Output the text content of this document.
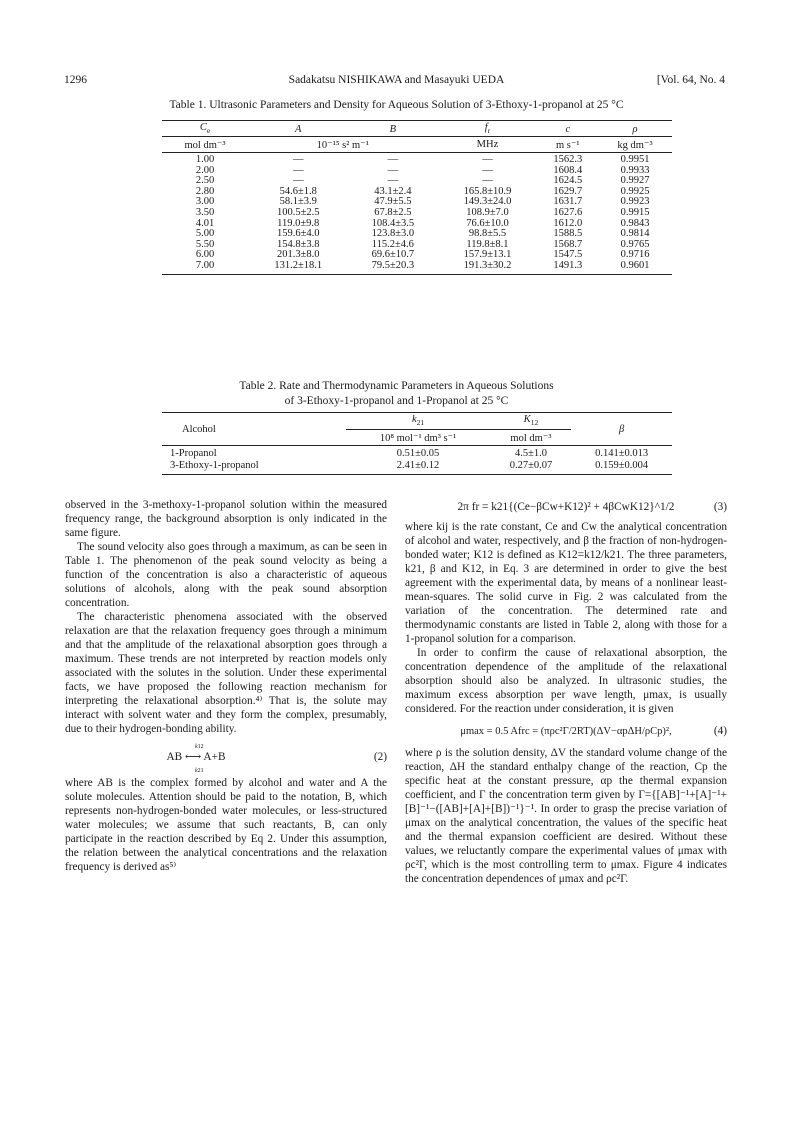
1296	Sadakatsu NISHIKAWA and Masayuki UEDA	[Vol. 64, No. 4
Table 1. Ultrasonic Parameters and Density for Aqueous Solution of 3-Ethoxy-1-propanol at 25 °C
$C_e$	A	B	$f_r$	c	ρ
mol dm⁻³	10⁻¹⁵ s² m⁻¹		MHz	m s⁻¹	kg dm⁻³
1.00	—	—	—	1562.3	0.9951
2.00	—	—	—	1608.4	0.9933
2.50	—	—	—	1624.5	0.9927
2.80	54.6±1.8	43.1±2.4	165.8±10.9	1629.7	0.9925
3.00	58.1±3.9	47.9±5.5	149.3±24.0	1631.7	0.9923
3.50	100.5±2.5	67.8±2.5	108.9±7.0	1627.6	0.9915
4.01	119.0±9.8	108.4±3.5	76.6±10.0	1612.0	0.9843
5.00	159.6±4.0	123.8±3.0	98.8±5.5	1588.5	0.9814
5.50	154.8±3.8	115.2±4.6	119.8±8.1	1568.7	0.9765
6.00	201.3±8.0	69.6±10.7	157.9±13.1	1547.5	0.9716
7.00	131.2±18.1	79.5±20.3	191.3±30.2	1491.3	0.9601
Table 2. Rate and Thermodynamic Parameters in Aqueous Solutions
of 3-Ethoxy-1-propanol and 1-Propanol at 25 °C
Alcohol	$k_{21}$	$K_{12}$	β
	10⁸ mol⁻¹ dm³ s⁻¹	mol dm⁻³	
1-Propanol	0.51±0.05	4.5±1.0	0.141±0.013
3-Ethoxy-1-propanol	2.41±0.12	0.27±0.07	0.159±0.004

observed in the 3-methoxy-1-propanol solution within the measured frequency range, the background absorption is only indicated in the same figure.

The sound velocity also goes through a maximum, as can be seen in Table 1. The phenomenon of the peak sound velocity as being a function of the concentration is also a characteristic of aqueous solutions of alcohols, along with the peak sound absorption concentration.

The characteristic phenomena associated with the observed relaxation are that the relaxation frequency goes through a minimum and that the amplitude of the relaxational absorption goes through a maximum. These trends are not interpreted by reaction models only associated with the solutes in the solution. Under these experimental facts, we have proposed the following reaction mechanism for interpreting the relaxational absorption.⁴⁾ That is, the solute may interact with solvent water and they form the complex, presumably, due to their hydrogen-bonding ability.

k12
AB ⟷ A+B
k21
(2)

where AB is the complex formed by alcohol and water and A the solute molecules. Attention should be paid to the notation, B, which represents non-hydrogen-bonded water molecules, or less-structured water molecules; we assume that such reactants, B, can only participate in the reaction described by Eq 2. Under this assumption, the relation between the analytical concentrations and the relaxation frequency is derived as⁵⁾

2π fr = k21{(Ce−βCw+K12)² + 4βCwK12}^1/2	(3)

where kij is the rate constant, Ce and Cw the analytical concentration of alcohol and water, respectively, and β the fraction of non-hydrogen-bonded water; K12 is defined as K12=k12/k21. The three parameters, k21, β and K12, in Eq. 3 are determined in order to give the best agreement with the experimental data, by means of a nonlinear least-mean-squares. The solid curve in Fig. 2 was calculated from the variation of the concentration. The determined rate and thermodynamic constants are listed in Table 2, along with those for a 1-propanol solution for a comparison.

In order to confirm the cause of relaxational absorption, the concentration dependence of the amplitude of the relaxational absorption should also be analyzed. In ultrasonic studies, the maximum excess absorption per wave length, μmax, is usually considered. For the reaction under consideration, it is given

μmax = 0.5 Afrc = (πρc²Γ/2RT)(ΔV−αpΔH/ρCp)²,	(4)

where ρ is the solution density, ΔV the standard volume change of the reaction, ΔH the standard enthalpy change of the reaction, Cp the specific heat at the constant pressure, αp the thermal expansion coefficient, and Γ the concentration term given by Γ={[AB]⁻¹+[A]⁻¹+[B]⁻¹−([AB]+[A]+[B])⁻¹}⁻¹. In order to grasp the precise variation of μmax on the analytical concentration, the values of the specific heat and the thermal expansion coefficient are desired. Without these values, we reluctantly compare the experimental values of μmax with ρc²Γ, which is the most controlling term to μmax. Figure 4 indicates the concentration dependences of μmax and ρc²Γ.
